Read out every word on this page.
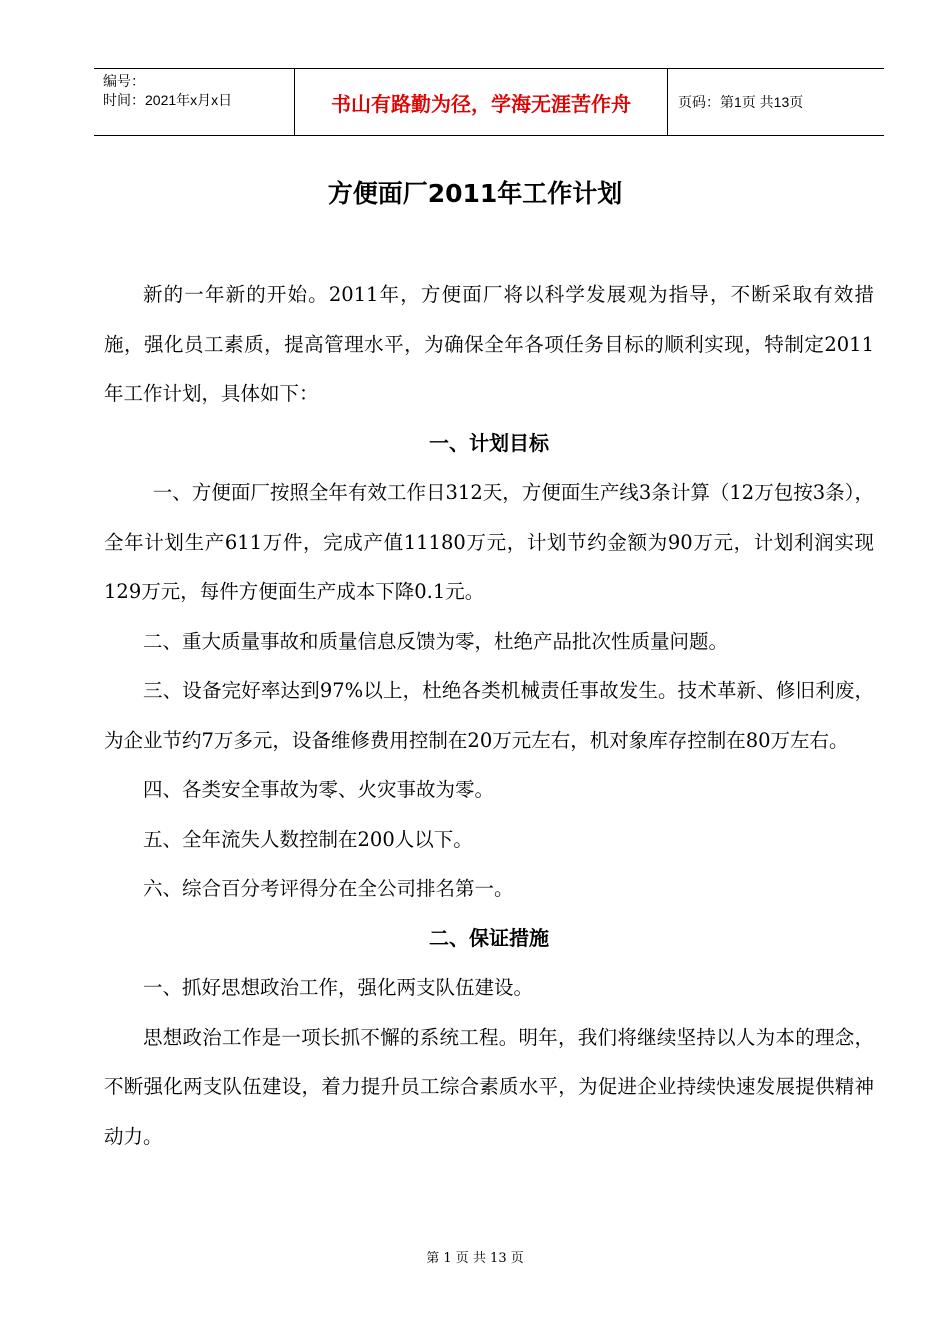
编号：
时间：2021年x月x日	书山有路勤为径，学海无涯苦作舟	页码：第1页 共13页
方便面厂2011年工作计划

新的一年新的开始。2011年，方便面厂将以科学发展观为指导，不断采取有效措施，强化员工素质，提高管理水平，为确保全年各项任务目标的顺利实现，特制定2011年工作计划，具体如下：

一、计划目标

一、方便面厂按照全年有效工作日312天，方便面生产线3条计算（12万包按3条），全年计划生产611万件，完成产值11180万元，计划节约金额为90万元，计划利润实现129万元，每件方便面生产成本下降0.1元。

二、重大质量事故和质量信息反馈为零，杜绝产品批次性质量问题。

三、设备完好率达到97%以上，杜绝各类机械责任事故发生。技术革新、修旧利废，为企业节约7万多元，设备维修费用控制在20万元左右，机对象库存控制在80万左右。

四、各类安全事故为零、火灾事故为零。

五、全年流失人数控制在200人以下。

六、综合百分考评得分在全公司排名第一。

二、保证措施

一、抓好思想政治工作，强化两支队伍建设。

思想政治工作是一项长抓不懈的系统工程。明年，我们将继续坚持以人为本的理念，不断强化两支队伍建设，着力提升员工综合素质水平，为促进企业持续快速发展提供精神动力。

第 1 页 共 13 页
